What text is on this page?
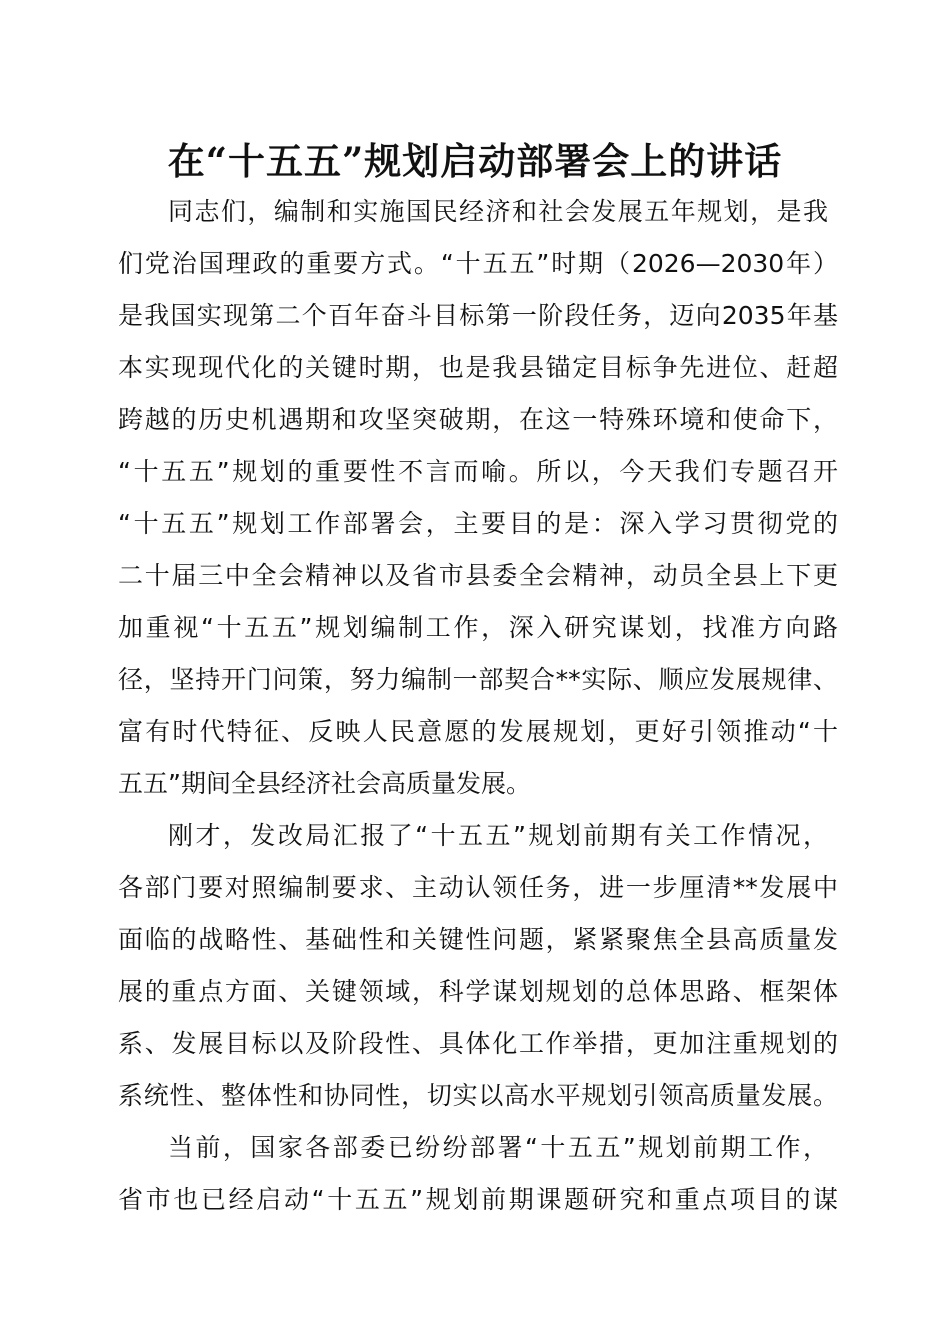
在“十五五”规划启动部署会上的讲话

同志们，编制和实施国民经济和社会发展五年规划，是我

们党治国理政的重要方式。“十五五”时期（2026—2030年）

是我国实现第二个百年奋斗目标第一阶段任务，迈向2035年基

本实现现代化的关键时期，也是我县锚定目标争先进位、赶超

跨越的历史机遇期和攻坚突破期，在这一特殊环境和使命下，

“十五五”规划的重要性不言而喻。所以，今天我们专题召开

“十五五”规划工作部署会，主要目的是：深入学习贯彻党的

二十届三中全会精神以及省市县委全会精神，动员全县上下更

加重视“十五五”规划编制工作，深入研究谋划，找准方向路

径，坚持开门问策，努力编制一部契合**实际、顺应发展规律、

富有时代特征、反映人民意愿的发展规划，更好引领推动“十

五五”期间全县经济社会高质量发展。

刚才，发改局汇报了“十五五”规划前期有关工作情况，

各部门要对照编制要求、主动认领任务，进一步厘清**发展中

面临的战略性、基础性和关键性问题，紧紧聚焦全县高质量发

展的重点方面、关键领域，科学谋划规划的总体思路、框架体

系、发展目标以及阶段性、具体化工作举措，更加注重规划的

系统性、整体性和协同性，切实以高水平规划引领高质量发展。

当前，国家各部委已纷纷部署“十五五”规划前期工作，

省市也已经启动“十五五”规划前期课题研究和重点项目的谋
